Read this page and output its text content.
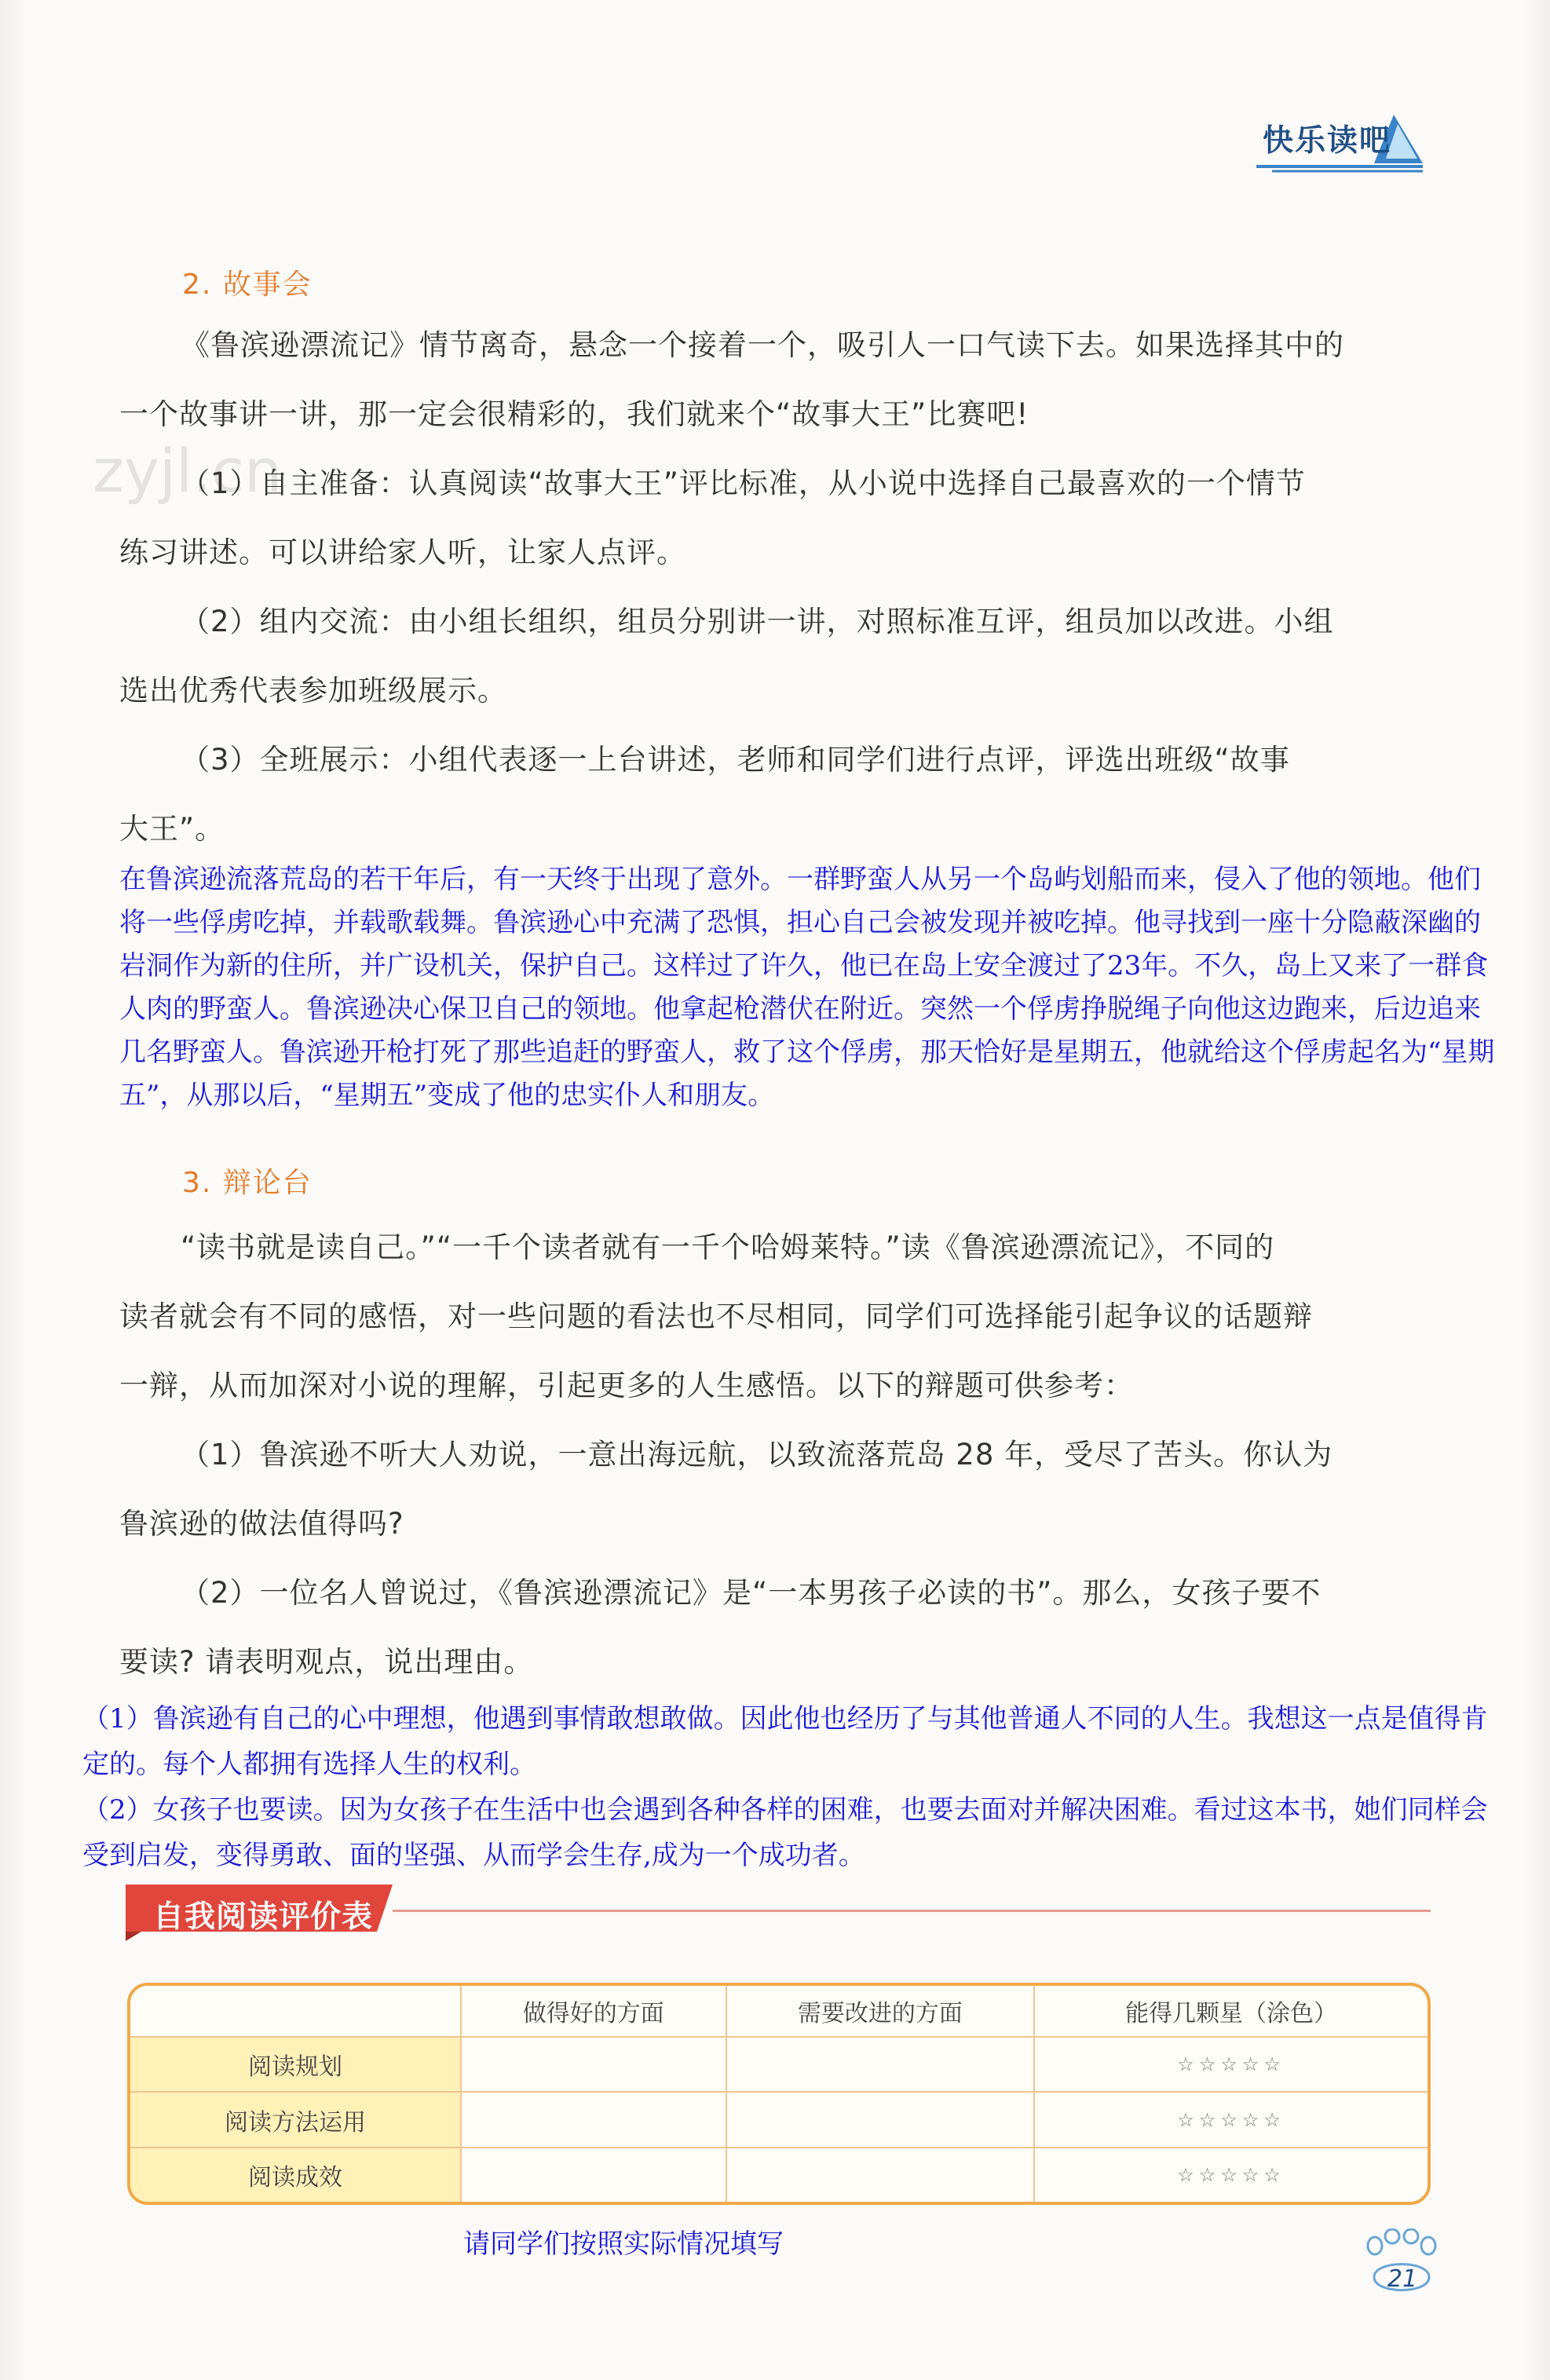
快乐读吧
zyjl.cn
2. 故事会
《鲁滨逊漂流记》情节离奇，悬念一个接着一个，吸引人一口气读下去。如果选择其中的
一个故事讲一讲，那一定会很精彩的，我们就来个“故事大王”比赛吧!
（1）自主准备：认真阅读“故事大王”评比标准，从小说中选择自己最喜欢的一个情节
练习讲述。可以讲给家人听，让家人点评。
（2）组内交流：由小组长组织，组员分别讲一讲，对照标准互评，组员加以改进。小组
选出优秀代表参加班级展示。
（3）全班展示：小组代表逐一上台讲述，老师和同学们进行点评，评选出班级“故事
大王”。
在鲁滨逊流落荒岛的若干年后，有一天终于出现了意外。一群野蛮人从另一个岛屿划船而来，侵入了他的领地。他们将一些俘虏吃掉，并载歌载舞。鲁滨逊心中充满了恐惧，担心自己会被发现并被吃掉。他寻找到一座十分隐蔽深幽的岩洞作为新的住所，并广设机关，保护自己。这样过了许久，他已在岛上安全渡过了23年。不久，岛上又来了一群食人肉的野蛮人。鲁滨逊决心保卫自己的领地。他拿起枪潜伏在附近。突然一个俘虏挣脱绳子向他这边跑来，后边追来几名野蛮人。鲁滨逊开枪打死了那些追赶的野蛮人，救了这个俘虏，那天恰好是星期五，他就给这个俘虏起名为“星期五”，从那以后，“星期五”变成了他的忠实仆人和朋友。
3. 辩论台
“读书就是读自己。”“一千个读者就有一千个哈姆莱特。”读《鲁滨逊漂流记》，不同的
读者就会有不同的感悟，对一些问题的看法也不尽相同，同学们可选择能引起争议的话题辩
一辩，从而加深对小说的理解，引起更多的人生感悟。以下的辩题可供参考：
（1）鲁滨逊不听大人劝说，一意出海远航，以致流落荒岛 28 年，受尽了苦头。你认为
鲁滨逊的做法值得吗?
（2）一位名人曾说过，《鲁滨逊漂流记》是“一本男孩子必读的书”。那么，女孩子要不
要读? 请表明观点，说出理由。
（1）鲁滨逊有自己的心中理想，他遇到事情敢想敢做。因此他也经历了与其他普通人不同的人生。我想这一点是值得肯定的。每个人都拥有选择人生的权利。
（2）女孩子也要读。因为女孩子在生活中也会遇到各种各样的困难，也要去面对并解决困难。看过这本书，她们同样会受到启发，变得勇敢、面的坚强、从而学会生存,成为一个成功者。
自我阅读评价表
	做得好的方面	需要改进的方面	能得几颗星（涂色）
阅读规划			☆☆☆☆☆
阅读方法运用			☆☆☆☆☆
阅读成效			☆☆☆☆☆
请同学们按照实际情况填写
21
